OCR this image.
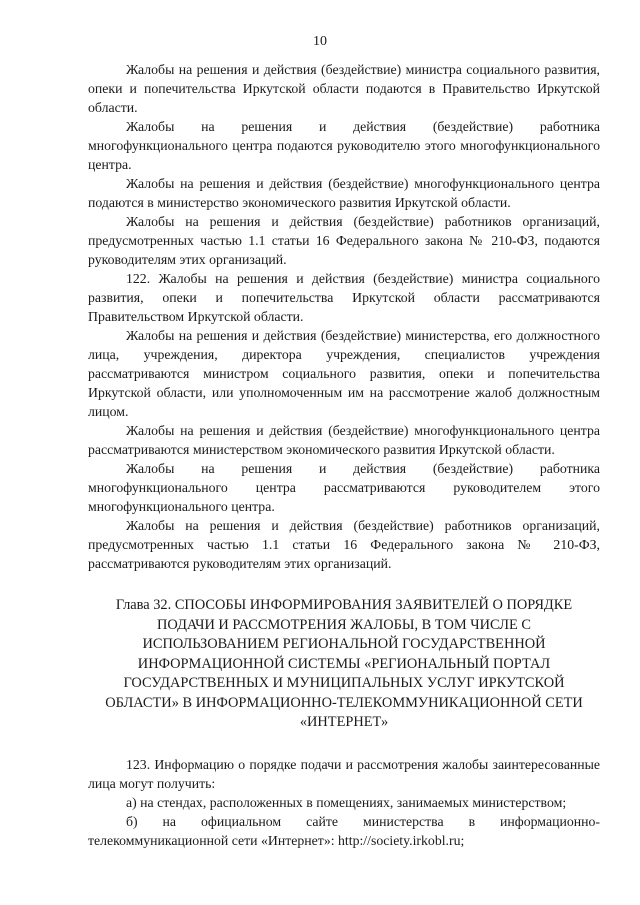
10

Жалобы на решения и действия (бездействие) министра социального развития, опеки и попечительства Иркутской области подаются в Правительство Иркутской области.

Жалобы на решения и действия (бездействие) работника многофункционального центра подаются руководителю этого многофункционального центра.

Жалобы на решения и действия (бездействие) многофункционального центра подаются в министерство экономического развития Иркутской области.

Жалобы на решения и действия (бездействие) работников организаций, предусмотренных частью 1.1 статьи 16 Федерального закона № 210-ФЗ, подаются руководителям этих организаций.

122. Жалобы на решения и действия (бездействие) министра социального развития, опеки и попечительства Иркутской области рассматриваются Правительством Иркутской области.

Жалобы на решения и действия (бездействие) министерства, его должностного лица, учреждения, директора учреждения, специалистов учреждения рассматриваются министром социального развития, опеки и попечительства Иркутской области, или уполномоченным им на рассмотрение жалоб должностным лицом.

Жалобы на решения и действия (бездействие) многофункционального центра рассматриваются министерством экономического развития Иркутской области.

Жалобы на решения и действия (бездействие) работника многофункционального центра рассматриваются руководителем этого многофункционального центра.

Жалобы на решения и действия (бездействие) работников организаций, предусмотренных частью 1.1 статьи 16 Федерального закона № 210-ФЗ, рассматриваются руководителям этих организаций.

Глава 32. СПОСОБЫ ИНФОРМИРОВАНИЯ ЗАЯВИТЕЛЕЙ О ПОРЯДКЕ ПОДАЧИ И РАССМОТРЕНИЯ ЖАЛОБЫ, В ТОМ ЧИСЛЕ С ИСПОЛЬЗОВАНИЕМ РЕГИОНАЛЬНОЙ ГОСУДАРСТВЕННОЙ ИНФОРМАЦИОННОЙ СИСТЕМЫ «РЕГИОНАЛЬНЫЙ ПОРТАЛ ГОСУДАРСТВЕННЫХ И МУНИЦИПАЛЬНЫХ УСЛУГ ИРКУТСКОЙ ОБЛАСТИ» В ИНФОРМАЦИОННО-ТЕЛЕКОММУНИКАЦИОННОЙ СЕТИ «ИНТЕРНЕТ»

123. Информацию о порядке подачи и рассмотрения жалобы заинтересованные лица могут получить:

а) на стендах, расположенных в помещениях, занимаемых министерством;

б) на официальном сайте министерства в информационно-телекоммуникационной сети «Интернет»: http://society.irkobl.ru;
